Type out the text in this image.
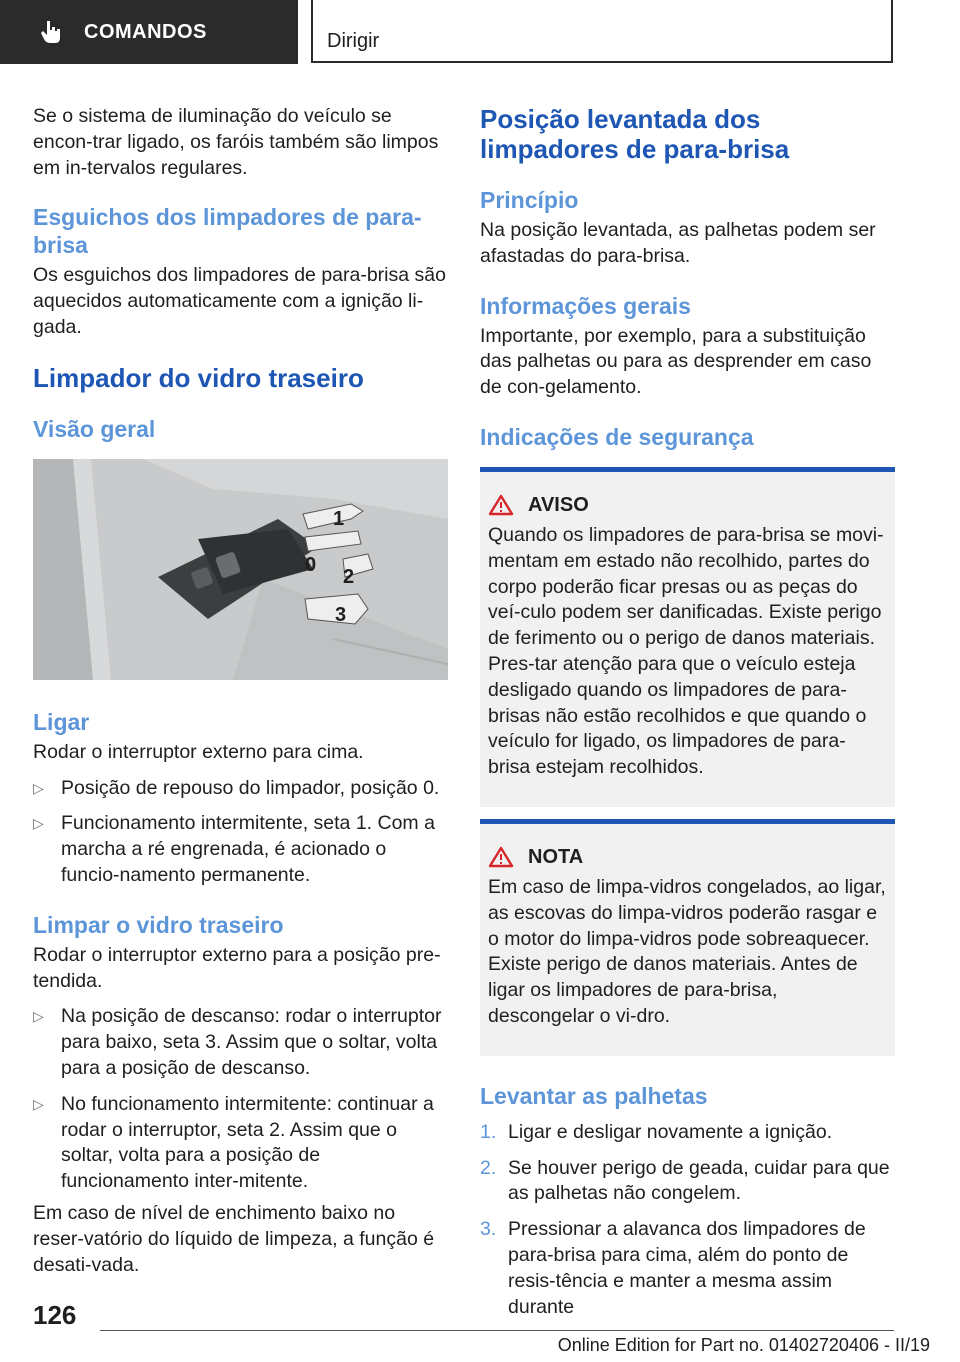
COMANDOS	Dirigir

Se o sistema de iluminação do veículo se encon-trar ligado, os faróis também são limpos em in-tervalos regulares.

Esguichos dos limpadores de para-brisa

Os esguichos dos limpadores de para-brisa são aquecidos automaticamente com a ignição li-gada.

Limpador do vidro traseiro
Visão geral
1
0
2
3
Ligar

Rodar o interruptor externo para cima.

▷ Posição de repouso do limpador, posição 0.
▷ Funcionamento intermitente, seta 1. Com a marcha a ré engrenada, é acionado o funcio-namento permanente.
Limpar o vidro traseiro

Rodar o interruptor externo para a posição pre-tendida.

▷ Na posição de descanso: rodar o interruptor para baixo, seta 3. Assim que o soltar, volta para a posição de descanso.
▷ No funcionamento intermitente: continuar a rodar o interruptor, seta 2. Assim que o soltar, volta para a posição de funcionamento inter-mitente.

Em caso de nível de enchimento baixo no reser-vatório do líquido de limpeza, a função é desati-vada.

Posição levantada dos limpadores de para-brisa
Princípio

Na posição levantada, as palhetas podem ser afastadas do para-brisa.

Informações gerais

Importante, por exemplo, para a substituição das palhetas ou para as desprender em caso de con-gelamento.

Indicações de segurança
AVISO

Quando os limpadores de para-brisa se movi-mentam em estado não recolhido, partes do corpo poderão ficar presas ou as peças do veí-culo podem ser danificadas. Existe perigo de ferimento ou o perigo de danos materiais. Pres-tar atenção para que o veículo esteja desligado quando os limpadores de para-brisas não estão recolhidos e que quando o veículo for ligado, os limpadores de para-brisa estejam recolhidos.

NOTA

Em caso de limpa-vidros congelados, ao ligar, as escovas do limpa-vidros poderão rasgar e o motor do limpa-vidros pode sobreaquecer. Existe perigo de danos materiais. Antes de ligar os limpadores de para-brisa, descongelar o vi-dro.

Levantar as palhetas
1. Ligar e desligar novamente a ignição.
2. Se houver perigo de geada, cuidar para que as palhetas não congelem.
3. Pressionar a alavanca dos limpadores de para-brisa para cima, além do ponto de resis-tência e manter a mesma assim durante
126
Online Edition for Part no. 01402720406 - II/19
